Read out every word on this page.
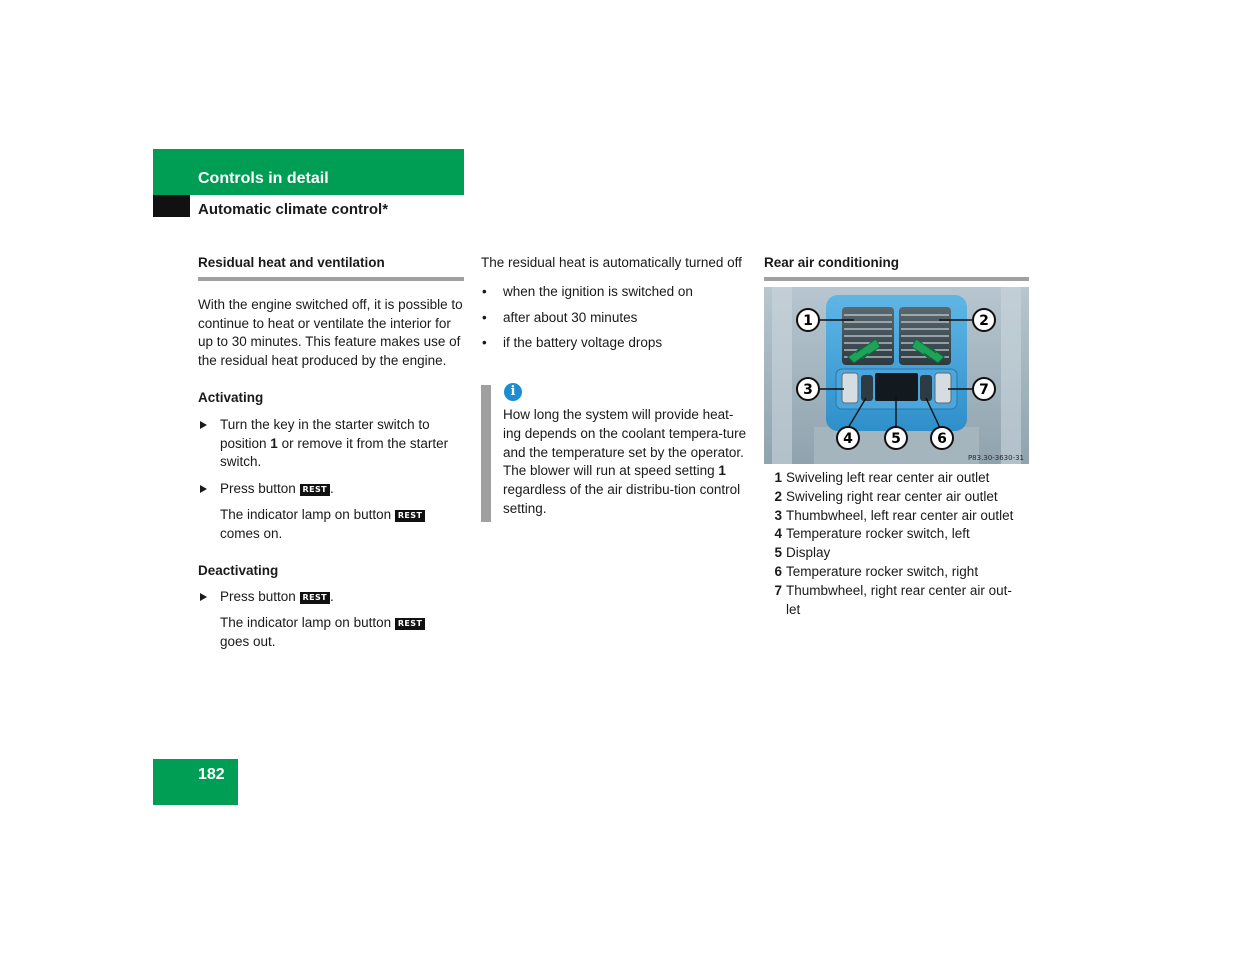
Controls in detail
Automatic climate control*
Residual heat and ventilation

With the engine switched off, it is possible to continue to heat or ventilate the interior for up to 30 minutes. This feature makes use of the residual heat produced by the engine.

Activating
Turn the key in the starter switch to position 1 or remove it from the starter switch.
Press button REST .
The indicator lamp on button REST
comes on.
Deactivating
Press button REST .
The indicator lamp on button REST
goes out.

The residual heat is automatically turned off

• when the ignition is switched on
• after about 30 minutes
• if the battery voltage drops
i
How long the system will provide heat-ing depends on the coolant tempera-ture and the temperature set by the operator. The blower will run at speed setting 1 regardless of the air distribu-tion control setting.
Rear air conditioning
1	2
3
4	5	6
7
P83.30-3630-31
1 Swiveling left rear center air outlet
2 Swiveling right rear center air outlet
3 Thumbwheel, left rear center air outlet
4 Temperature rocker switch, left
5 Display
6 Temperature rocker switch, right
7 Thumbwheel, right rear center air out-let
182
